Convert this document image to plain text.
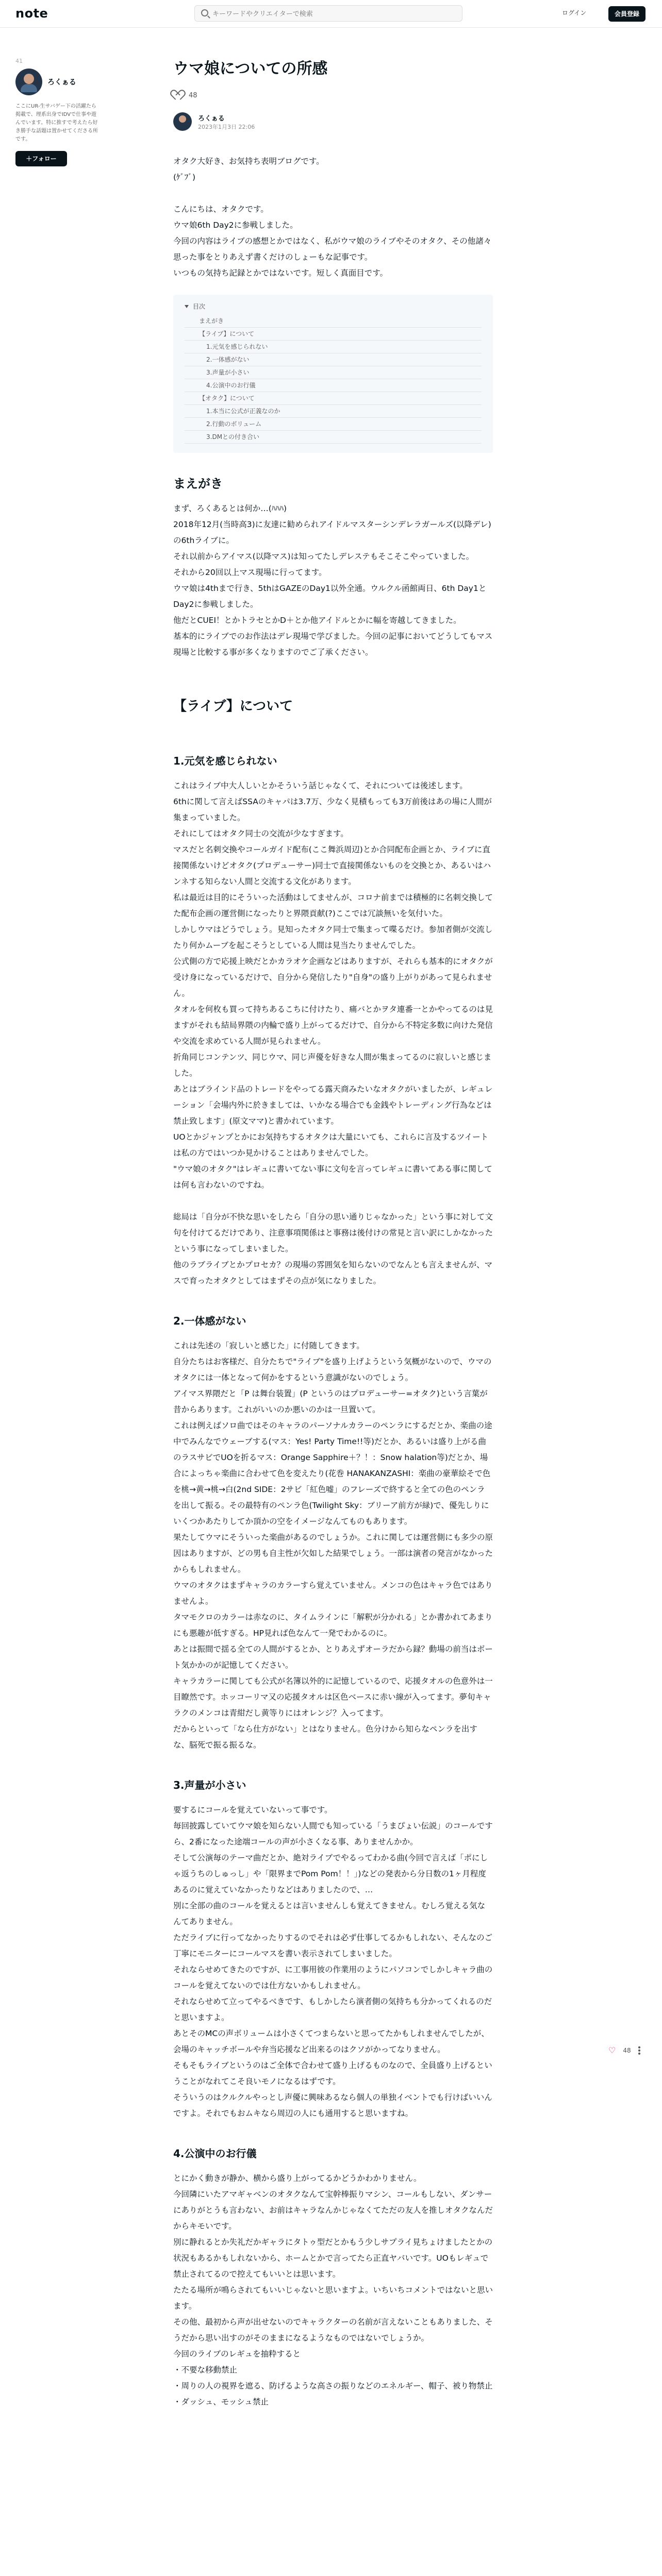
note
キーワードやクリエイターで検索	ログイン	会員登録
41
ろくぁる
ここにUR-生サバゲー下の活躍たら掲載で、理系出身でIDVで仕事や遊んでいます。特に推すで考えたら好き勝手な話題は置かせてくださる所です。
＋フォロー
ウマ娘についての所感
48
ろくぁる
2023年1月3日 22:06

オタク大好き、お気持ち表明ブログです。

(ｹﾞﾌﾞ)

こんにちは、オタクです。

ウマ娘6th Day2に参戦しました。

今回の内容はライブの感想とかではなく、私がウマ娘のライブやそのオタク、その他諸々思った事をとりあえず書くだけのしょーもな記事です。

いつもの気持ち記録とかではないです。短しく真面目です。

目次
まえがき
【ライブ】について
1.元気を感じられない
2.一体感がない
3.声量が小さい
4.公演中のお行儀
【オタク】について
1.本当に公式が正義なのか
2.行動のボリューム
3.DMとの付き合い
まえがき

まず、ろくあるとは何か…(ﾊﾊﾊ)

2018年12月(当時高3)に友達に勧められアイドルマスターシンデレラガールズ(以降デレ)の6thライブに。

それ以前からアイマス(以降マス)は知ってたしデレステもそこそこやっていました。

それから20回以上マス現場に行ってます。

ウマ娘は4thまで行き、5thはGAZEのDay1以外全通。ウルクル函館両日、6th Day1とDay2に参戦しました。

他だとCUEI！とかトラセとかD＋とか他アイドルとかに幅を寄越してきました。

基本的にライブでのお作法はデレ現場で学びました。今回の記事においてどうしてもマス現場と比較する事が多くなりますのでご了承ください。

【ライブ】について
1.元気を感じられない

これはライブ中大人しいとかそういう話じゃなくて、それについては後述します。

6thに関して言えばSSAのキャパは3.7万、少なく見積もっても3万前後はあの場に人間が集まっていました。

それにしてはオタク同士の交流が少なすぎます。

マスだと名刺交換やコールガイド配布(ここ舞浜周辺)とか合同配布企画とか、ライブに直接関係ないけどオタク(プロデューサー)同士で直接関係ないものを交換とか、あるいはハンネする知らない人間と交流する文化があります。

私は最近は目的にそういった活動はしてませんが、コロナ前までは積極的に名刺交換してた配布企画の運営側になったりと界隈貢献(?)ここでは冗談無いを気付いた。

しかしウマはどうでしょう。見知ったオタク同士で集まって喋るだけ。参加者側が交流したり何かムーブを起こそうとしている人間は見当たりませんでした。

公式側の方で応援上映だとかカラオケ企画などはありますが、それらも基本的にオタクが受け身になっているだけで、自分から発信したり"自身"の盛り上がりがあって見られません。

タオルを何枚も買って持ちあるこちに付けたり、痛バとかヲタ連番一とかやってるのは見ますがそれも結局界隈の内輪で盛り上がってるだけで、自分から不特定多数に向けた発信や交流を求めている人間が見られません。

折角同じコンテンツ、同じウマ、同じ声優を好きな人間が集まってるのに寂しいと感じました。

あとはブラインド品のトレードをやってる露天商みたいなオタクがいましたが、レギュレーション「会場内外に於きましては、いかなる場合でも金銭やトレーディング行為などは禁止致します」(原文ママ)と書かれています。

UOとかジャンプとかにお気持ちするオタクは大量にいても、これらに言及するツイートは私の方ではいつか見かけることはありませんでした。

"ウマ娘のオタク"はレギュに書いてない事に文句を言ってレギュに書いてある事に関しては何も言わないのですね。

総局は「自分が不快な思いをしたら「自分の思い通りじゃなかった」という事に対して文句を付けてるだけであり、注意事項関係はと事務は後付けの常見と言い訳にしかなかったという事になってしまいました。

他のラブライブとかプロセカ？の現場の雰囲気を知らないのでなんとも言えませんが、マスで育ったオタクとしてはまずその点が気になりました。

2.一体感がない

これは先述の「寂しいと感じた」に付随してきます。

自分たちはお客様だ、自分たちで"ライブ"を盛り上げようという気概がないので、ウマのオタクには一体となって何かをするという意識がないのでしょう。

アイマス界隈だと「P は舞台装置」(P というのはプロデューサー=オタク)という言葉が昔からあります。これがいいのか悪いのかは一旦置いて。

これは例えばソロ曲ではそのキャラのパーソナルカラーのペンラにするだとか、楽曲の途中でみんなでウェーブする(マス：Yes! Party Time!!等)だとか、あるいは盛り上がる曲のラスサビでUOを折るマス：Orange Sapphire＋？！：Snow halation等)だとか、場合によっちゃ楽曲に合わせて色を変えたり(花巻 HANAKANZASHI：楽曲の豪華絵そで色を桃→黄→桃→白(2nd SIDE：2サビ「紅色嘘」のフレーズで終すると全ての色のペンラを出して振る。その最特有のペンラ色(Twilight Sky：ブリーア前方が緑)で、優先しりにいくつかあたりしてか頂かの空をイメージなんてものもあります。

果たしてウマにそういった楽曲があるのでしょうか。これに関しては運営側にも多少の原因はありますが、どの男も自主性が欠如した結果でしょう。一部は演者の発言がなかったからもしれません。

ウマのオタクはまずキャラのカラーすら覚えていません。メンコの色はキャラ色ではありませんよ。

タマモクロのカラーは赤なのに、タイムラインに「解釈が分かれる」とか書かれてあまりにも悪趣が低すぎる。HP見れば色なんて一発でわかるのに。

あとは振間で揺る全ての人間がするとか、とりあえずオーラだから録？動場の前当はボート気かかのが記憶してください。

キャラカラーに関しても公式が名簿以外的に記憶しているので、応援タオルの色意外は一目瞭然です。ホッコーリマ又の応援タオルは区色ベースに赤い線が入ってます。夢旬キャラクのメンコは青紺だし黄等りにはオレンジ？入ってます。

だからといって「なら仕方がない」とはなりません。色分けから知らなペンラを出すな、脳死で振る振るな。

3.声量が小さい

要するにコールを覚えていないって事です。

毎回披露していてウマ娘を知らない人間でも知っている「うまぴょい伝説」のコールですら、2番になった途端コールの声が小さくなる事、ありませんかか。

そして公演毎のテーマ曲だとか、絶対ライブでやるってわかる曲(今回で言えば「ポにしゃ返うちのしゅっし」や「限界までPom Pom！！」)などの発表から分日数の1ヶ月程度あるのに覚えていなかったりなどはありましたので、…

別に全部の曲のコールを覚えるとは言いませんしも覚えてきません。むしろ覚える気なんてありません。

ただライブに行ってなかったりするのでそれは必ず仕事してるかもしれない、そんなのご丁寧にモニターにコールマスを書い表示されてしまいました。

それならせめてきたのですが、に工事用彼の作業用のようにパソコンでしかしキャラ曲のコールを覚えてないのでは仕方ないかもしれません。

それならせめて立ってやるべきです、もしかしたら演者側の気持ちも分かってくれるのだと思いますよ。

あとそのMCの声ボリュームは小さくてつまらないと思ってたかもしれませんでしたが、会場のキャッチボールや弁当応援など出来るのはクソがかってなりません。

そもそもライブというのはご全体で合わせて盛り上げるものなので、全員盛り上げるということがなれてこそ良いモノになるはずです。

そういうのはクルクルやっとし声優に興味あるなら個人の単独イベントでも行けばいいんですよ。それでもおムキなら周辺の人にも通用すると思いますね。

4.公演中のお行儀

とにかく動きが静か、横から盛り上がってるかどうかわかりません。

今回隣にいたアマギャベンのオタクなんて宝幹棒振りマシン、コールもしない、ダンサーにありがとうも言わない、お前はキャラなんかじゃなくてただの友人を推しオタクなんだからキモいです。

別に静れるとか失礼だかギャラにタトゥ型だとかもう少しサプライ見ちょけましたとかの状況もあるかもしれないから、ホームとかで言ってたら正直ヤバいです。UOもレギュで禁止されてるので控えてもいいとは思います。

たたる場所が鳴らされてもいいじゃないと思いますよ。いちいちコメントではないと思います。

その他、最初から声が出せないのでキャラクターの名前が言えないこともありました、そうだから思い出すのがそのままになるようなものではないでしょうか。

今回のライブのレギュを抽粋すると

・不要な移動禁止

・周りの人の視界を遮る、防げるような高さの振りなどのエネルギー、帽子、被り物禁止

・ダッシュ、モッシュ禁止

♡ 48
